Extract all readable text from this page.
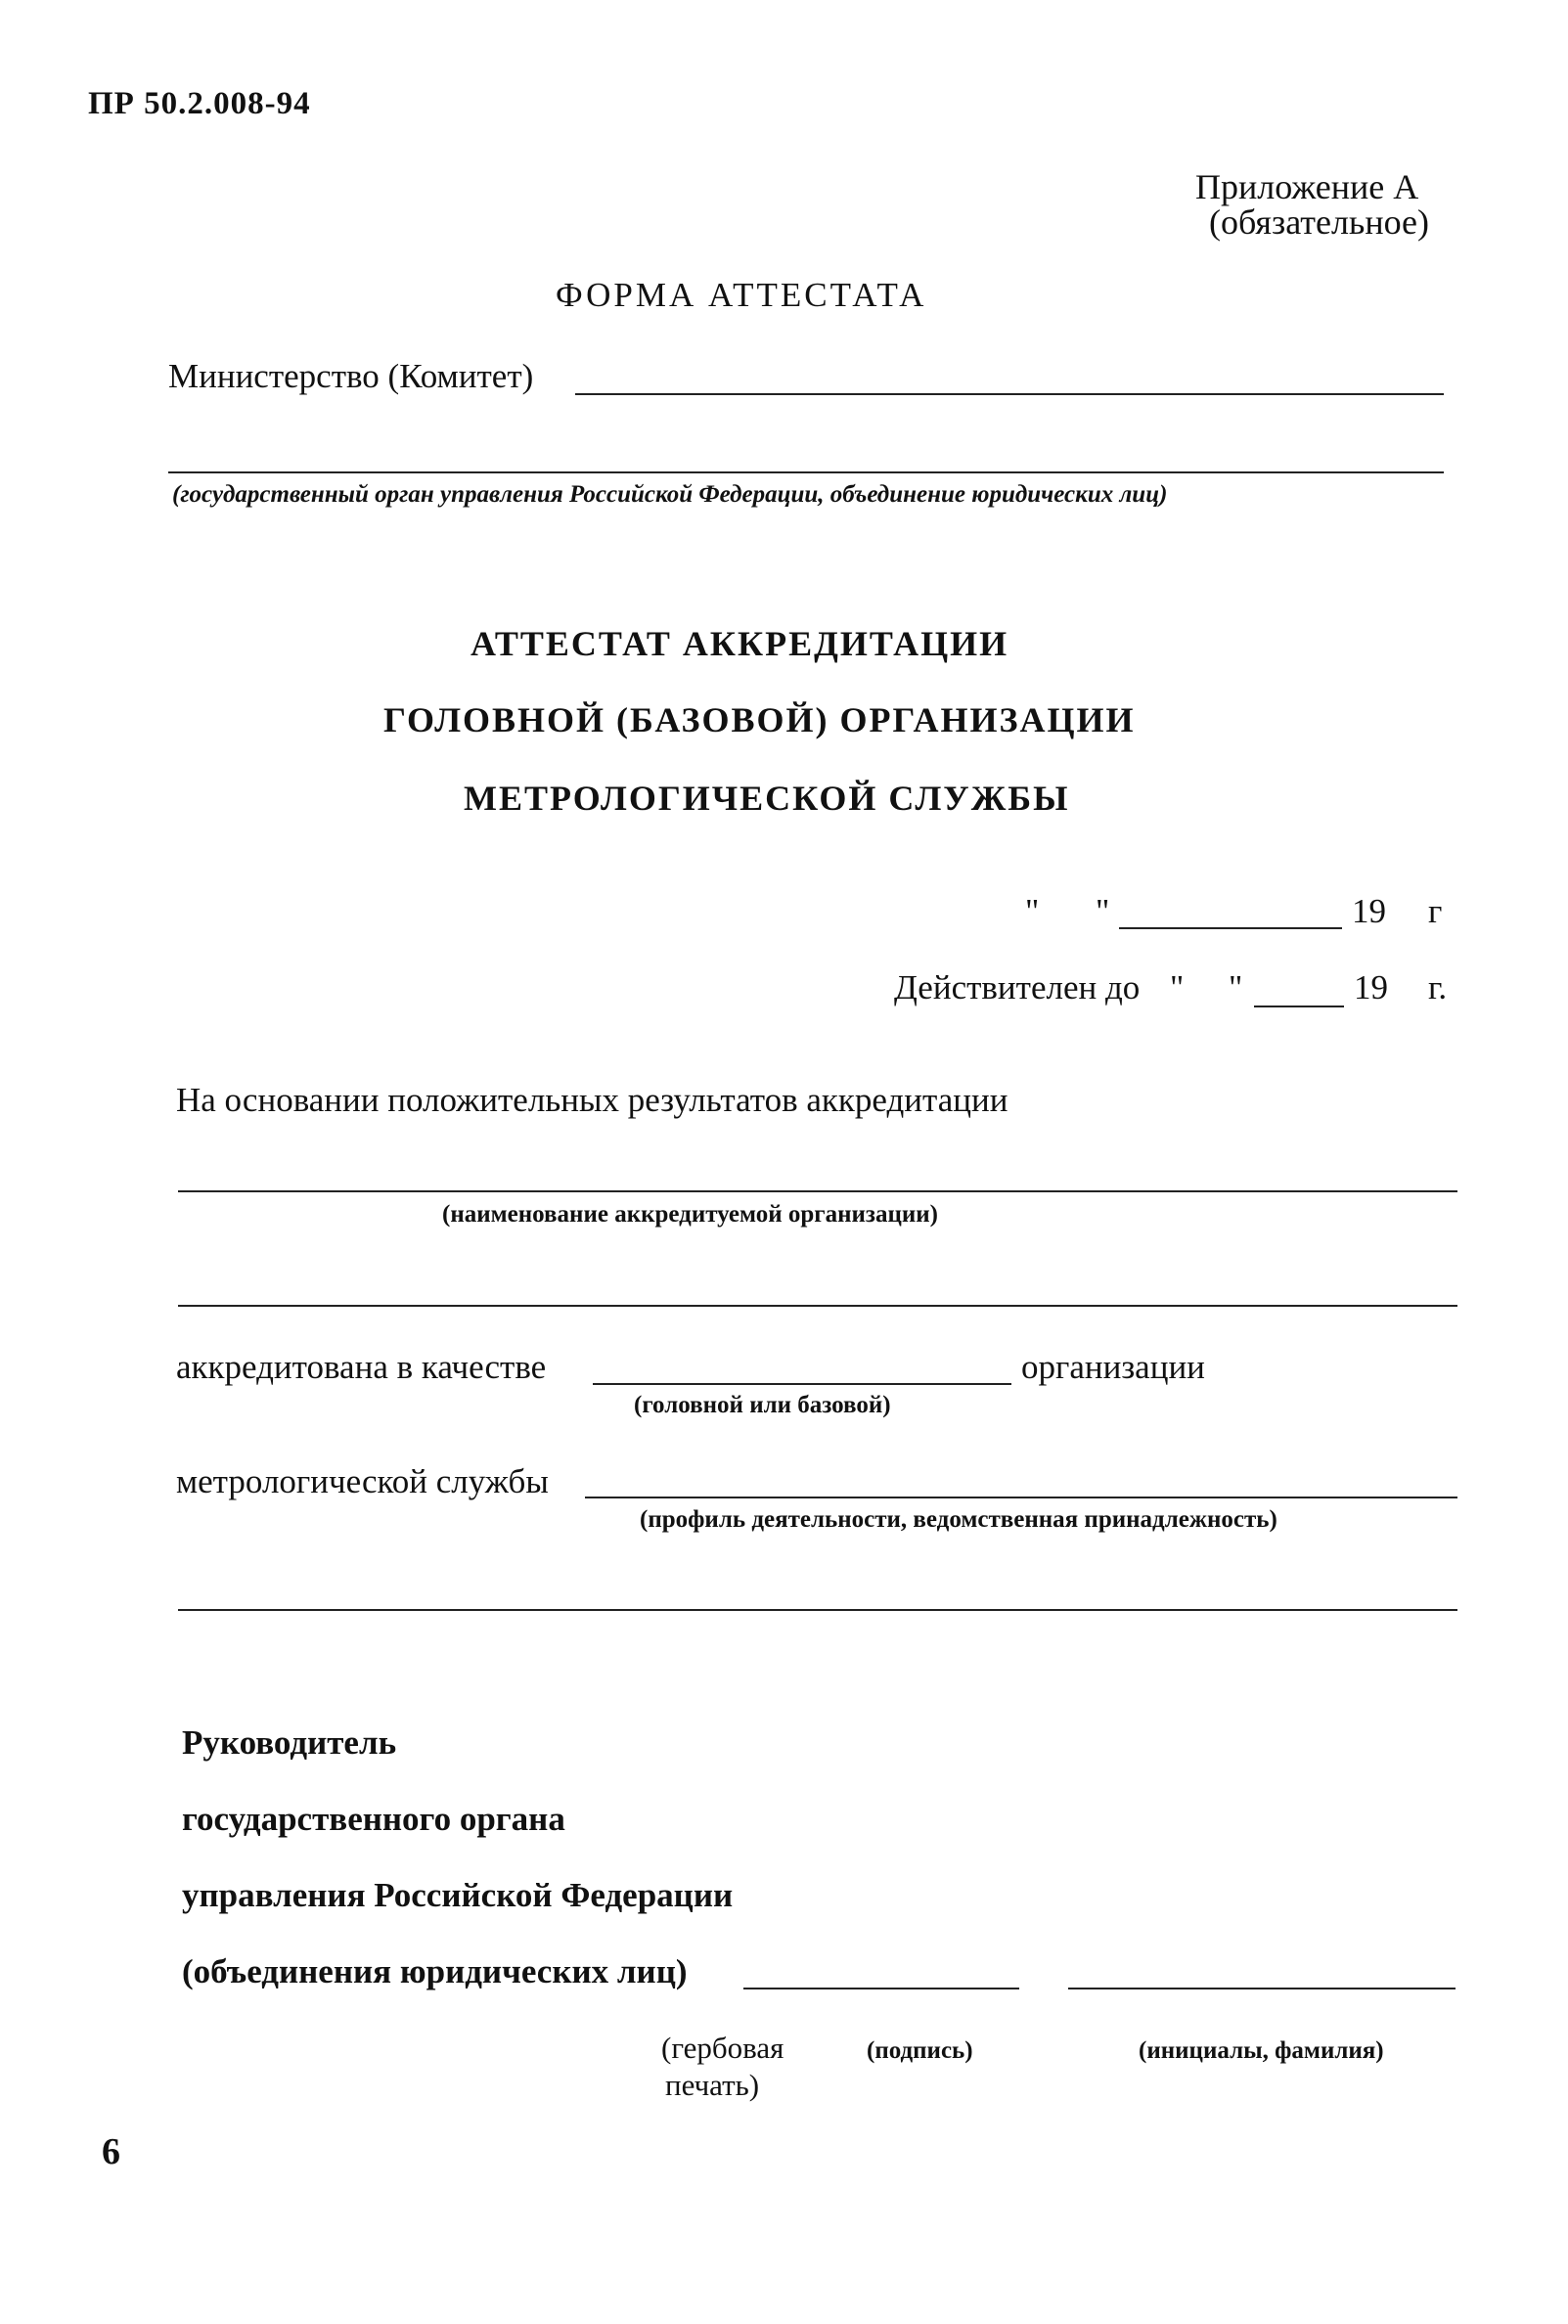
ПР 50.2.008-94
Приложение А
(обязательное)
ФОРМА АТТЕСТАТА
Министерство (Комитет)
(государственный орган управления Российской Федерации, объединение юридических лиц)
АТТЕСТАТ АККРЕДИТАЦИИ
ГОЛОВНОЙ (БАЗОВОЙ) ОРГАНИЗАЦИИ
МЕТРОЛОГИЧЕСКОЙ СЛУЖБЫ
" "	19 г
Действителен до " "	19 г.
На основании положительных результатов аккредитации
(наименование аккредитуемой организации)
аккредитована в качестве	организации
(головной или базовой)
метрологической службы
(профиль деятельности, ведомственная принадлежность)
Руководитель
государственного органа
управления Российской Федерации
(объединения юридических лиц)
(гербовая
печать)
(подпись)	(инициалы, фамилия)
6
